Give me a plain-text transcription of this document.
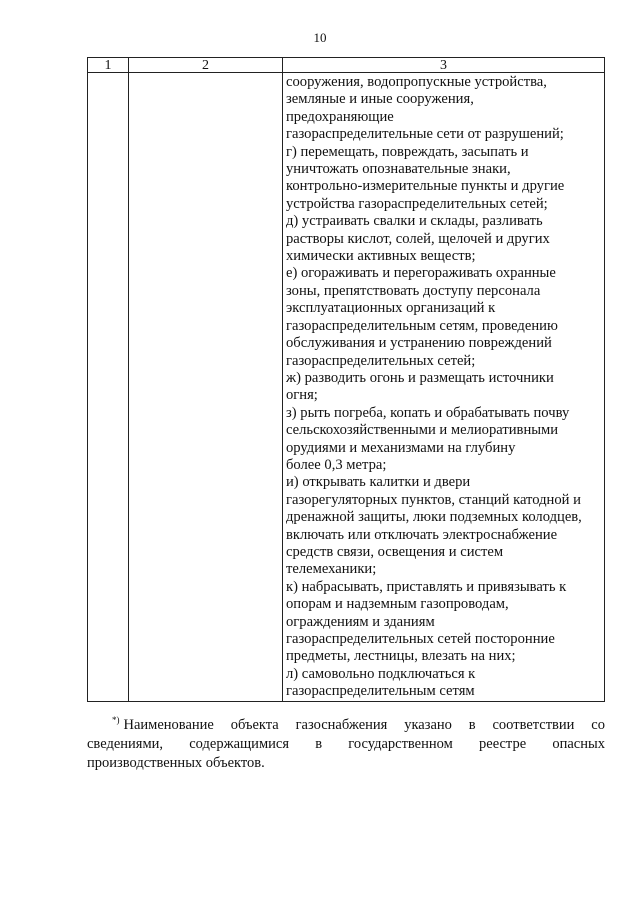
10
1	2	3
сооружения, водопропускные устройства,
земляные и иные сооружения,
предохраняющие
газораспределительные сети от разрушений;
г) перемещать, повреждать, засыпать и
уничтожать опознавательные знаки,
контрольно-измерительные пункты и другие
устройства газораспределительных сетей;
д) устраивать свалки и склады, разливать
растворы кислот, солей, щелочей и других
химически активных веществ;
е) огораживать и перегораживать охранные
зоны, препятствовать доступу персонала
эксплуатационных организаций к
газораспределительным сетям, проведению
обслуживания и устранению повреждений
газораспределительных сетей;
ж) разводить огонь и размещать источники
огня;
з) рыть погреба, копать и обрабатывать почву
сельскохозяйственными и мелиоративными
орудиями и механизмами на глубину
более 0,3 метра;
и) открывать калитки и двери
газорегуляторных пунктов, станций катодной и
дренажной защиты, люки подземных колодцев,
включать или отключать электроснабжение
средств связи, освещения и систем
телемеханики;
к) набрасывать, приставлять и привязывать к
опорам и надземным газопроводам,
ограждениям и зданиям
газораспределительных сетей посторонние
предметы, лестницы, влезать на них;
л) самовольно подключаться к
газораспределительным сетям

*) Наименование объекта газоснабжения указано в соответствии со сведениями, содержащимися в государственном реестре опасных производственных объектов.
